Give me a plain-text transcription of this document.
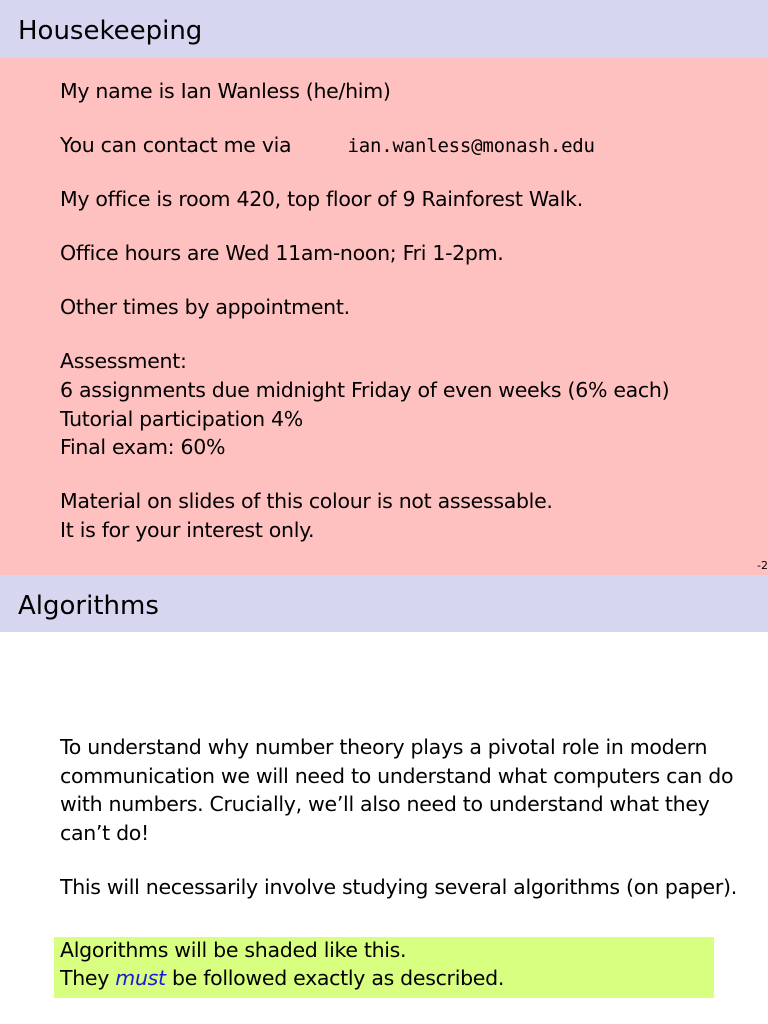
Housekeeping
My name is Ian Wanless (he/him)
You can contact me via	ian.wanless@monash.edu
My office is room 420, top floor of 9 Rainforest Walk.
Office hours are Wed 11am-noon; Fri 1-2pm.
Other times by appointment.
Assessment:
6 assignments due midnight Friday of even weeks (6% each)
Tutorial participation 4%
Final exam: 60%
Material on slides of this colour is not assessable.
It is for your interest only.
-2
Algorithms
To understand why number theory plays a pivotal role in modern
communication we will need to understand what computers can do
with numbers. Crucially, we’ll also need to understand what they
can’t do!
This will necessarily involve studying several algorithms (on paper).
Algorithms will be shaded like this.
They must be followed exactly as described.
